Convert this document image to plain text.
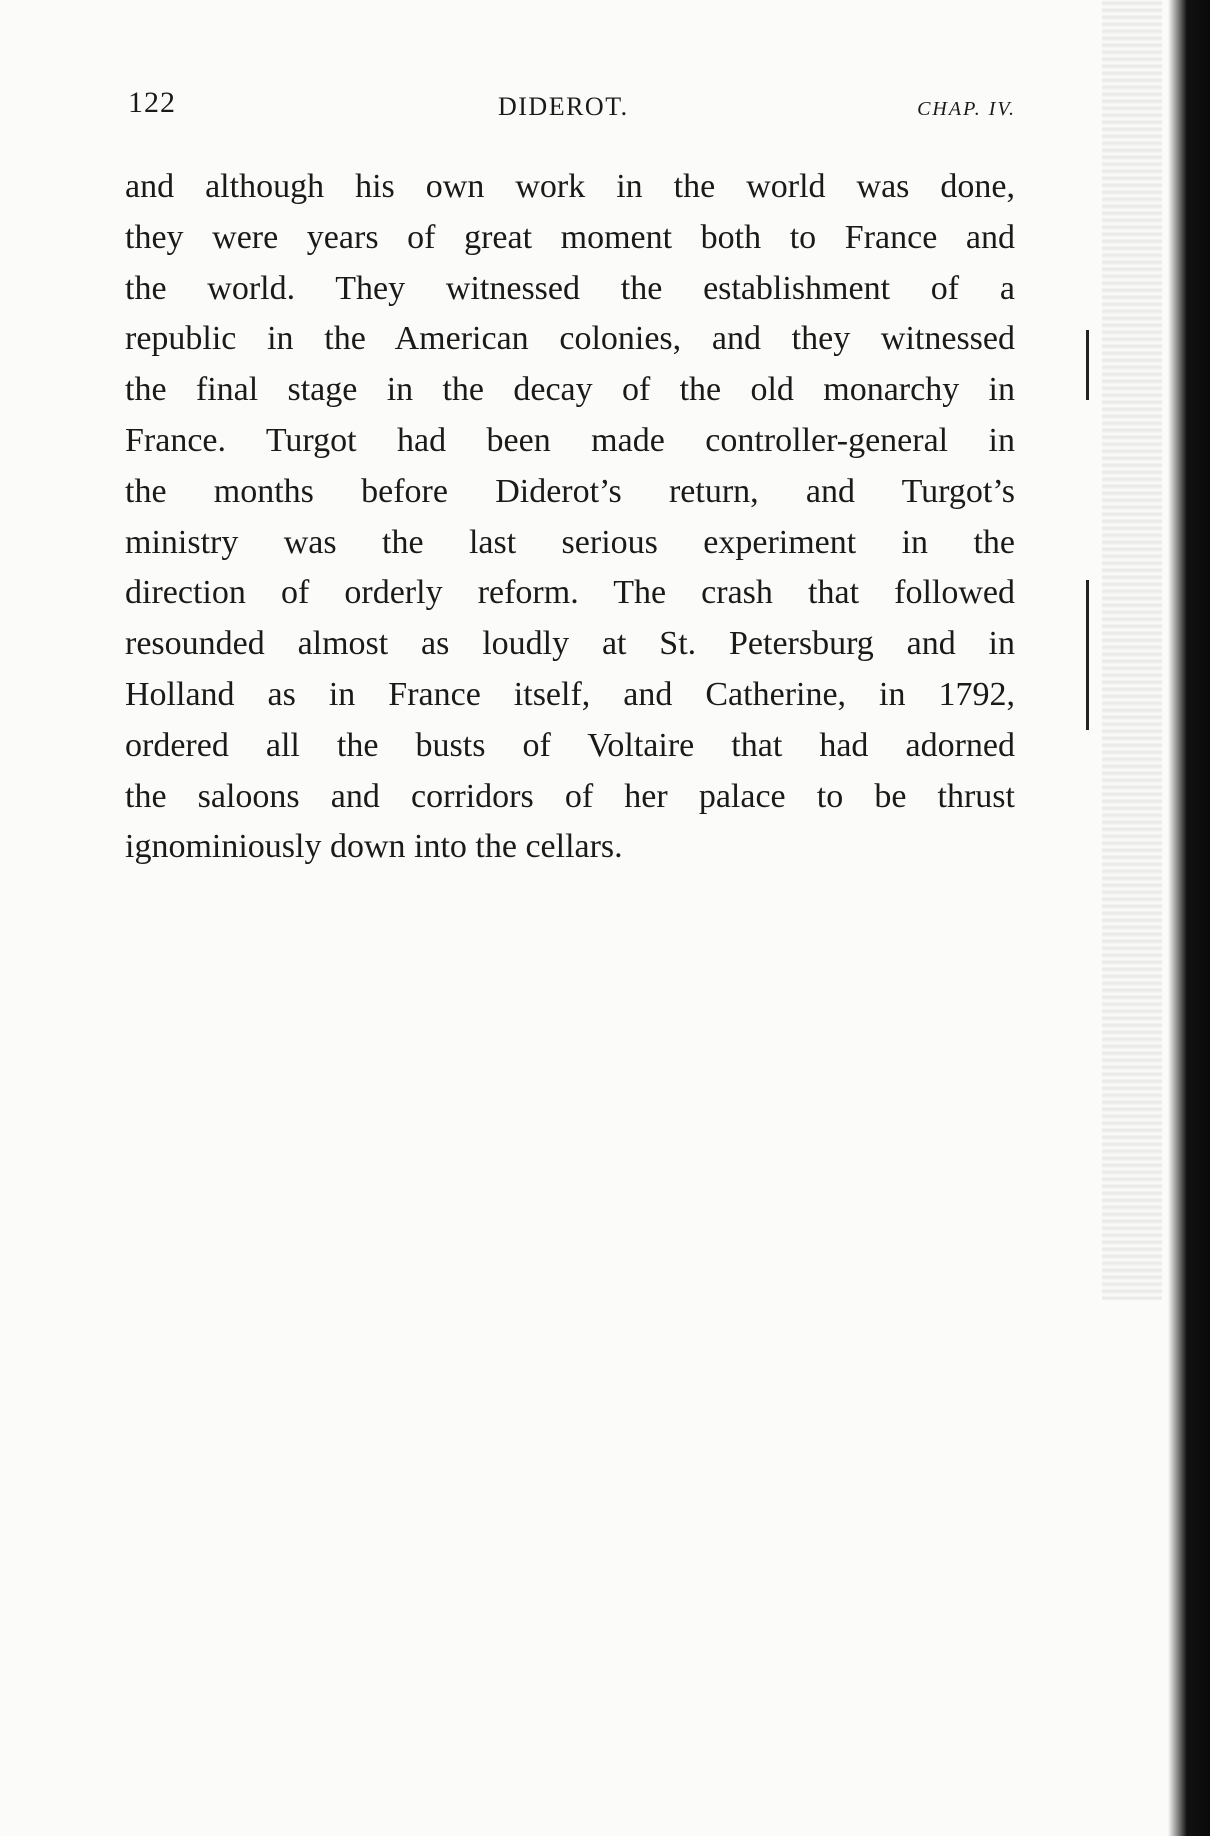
122	DIDEROT.	CHAP. IV.
and although his own work in the world was done,
they were years of great moment both to France and
the world. They witnessed the establishment of a
republic in the American colonies, and they witnessed
the final stage in the decay of the old monarchy in
France. Turgot had been made controller-general in
the months before Diderot’s return, and Turgot’s
ministry was the last serious experiment in the
direction of orderly reform. The crash that followed
resounded almost as loudly at St. Petersburg and in
Holland as in France itself, and Catherine, in 1792,
ordered all the busts of Voltaire that had adorned
the saloons and corridors of her palace to be thrust
ignominiously down into the cellars.
